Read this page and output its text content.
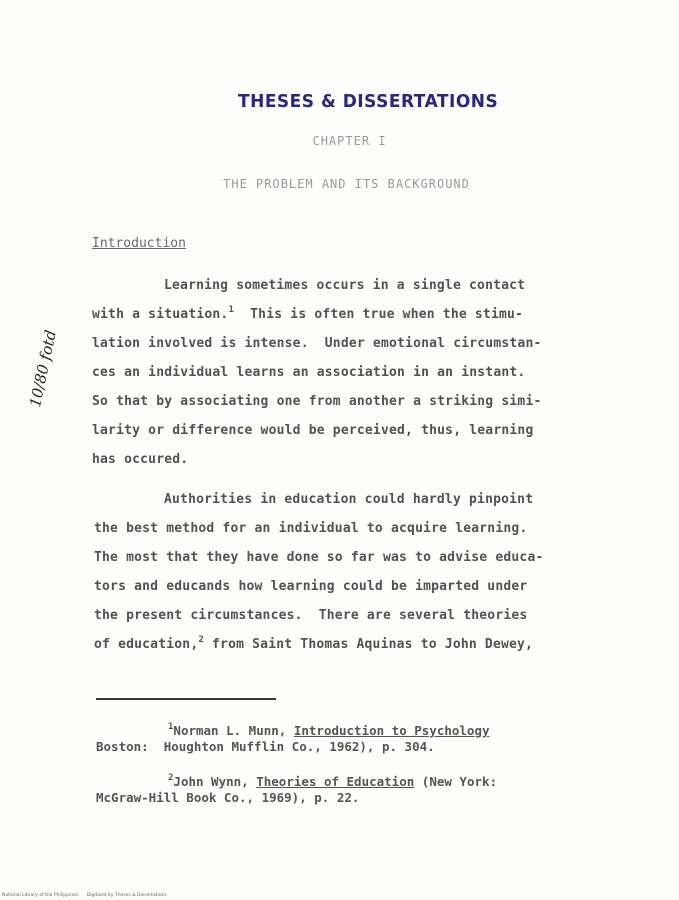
THESES & DISSERTATIONS
CHAPTER I
THE PROBLEM AND ITS BACKGROUND
Introduction
Learning sometimes occurs in a single contact
with a situation.$^1$ This is often true when the stimu-
lation involved is intense.  Under emotional circumstan-
ces an individual learns an association in an instant.
So that by associating one from another a striking simi-
larity or difference would be perceived, thus, learning
has occured.
Authorities in education could hardly pinpoint
the best method for an individual to acquire learning.
The most that they have done so far was to advise educa-
tors and educands how learning could be imparted under
the present circumstances.  There are several theories
of education,$^2$ from Saint Thomas Aquinas to John Dewey,
$^1$Norman L. Munn, Introduction to Psychology
Boston:  Houghton Mufflin Co., 1962), p. 304.
$^2$John Wynn, Theories of Education (New York:
McGraw-Hill Book Co., 1969), p. 22.
10/80 fotd
National Library of the Philippines      Digitized by Theses & Dissertations
